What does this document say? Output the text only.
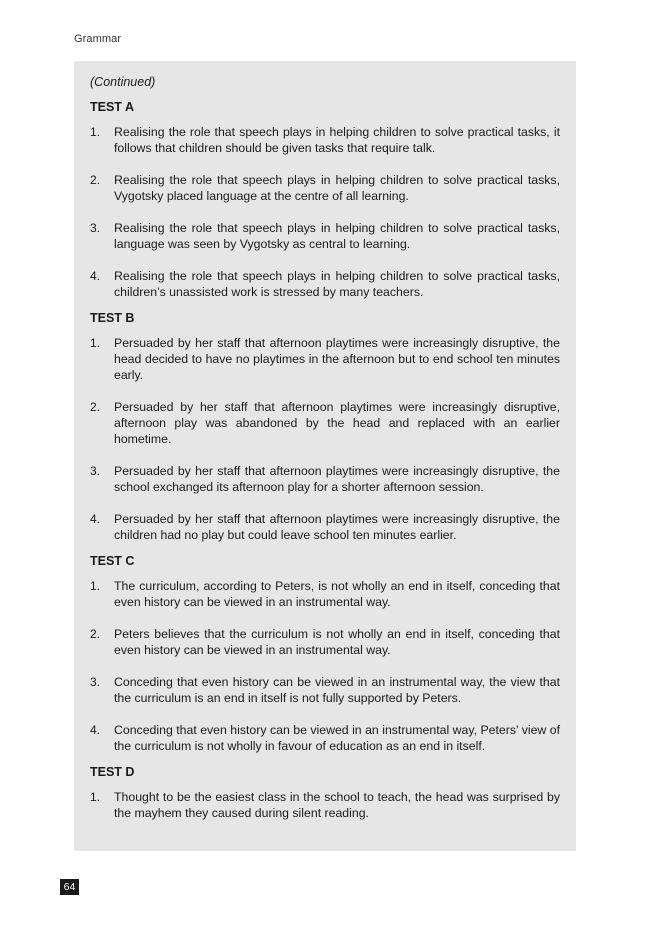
Grammar
(Continued)
TEST A
1. Realising the role that speech plays in helping children to solve practical tasks, it follows that children should be given tasks that require talk.
2. Realising the role that speech plays in helping children to solve practical tasks, Vygotsky placed language at the centre of all learning.
3. Realising the role that speech plays in helping children to solve practical tasks, language was seen by Vygotsky as central to learning.
4. Realising the role that speech plays in helping children to solve practical tasks, children’s unassisted work is stressed by many teachers.
TEST B
1. Persuaded by her staff that afternoon playtimes were increasingly disruptive, the head decided to have no playtimes in the afternoon but to end school ten minutes early.
2. Persuaded by her staff that afternoon playtimes were increasingly disruptive, afternoon play was abandoned by the head and replaced with an earlier hometime.
3. Persuaded by her staff that afternoon playtimes were increasingly disruptive, the school exchanged its afternoon play for a shorter afternoon session.
4. Persuaded by her staff that afternoon playtimes were increasingly disruptive, the children had no play but could leave school ten minutes earlier.
TEST C
1. The curriculum, according to Peters, is not wholly an end in itself, conceding that even history can be viewed in an instrumental way.
2. Peters believes that the curriculum is not wholly an end in itself, conceding that even history can be viewed in an instrumental way.
3. Conceding that even history can be viewed in an instrumental way, the view that the curriculum is an end in itself is not fully supported by Peters.
4. Conceding that even history can be viewed in an instrumental way, Peters’ view of the curriculum is not wholly in favour of education as an end in itself.
TEST D
1. Thought to be the easiest class in the school to teach, the head was surprised by the mayhem they caused during silent reading.
64
